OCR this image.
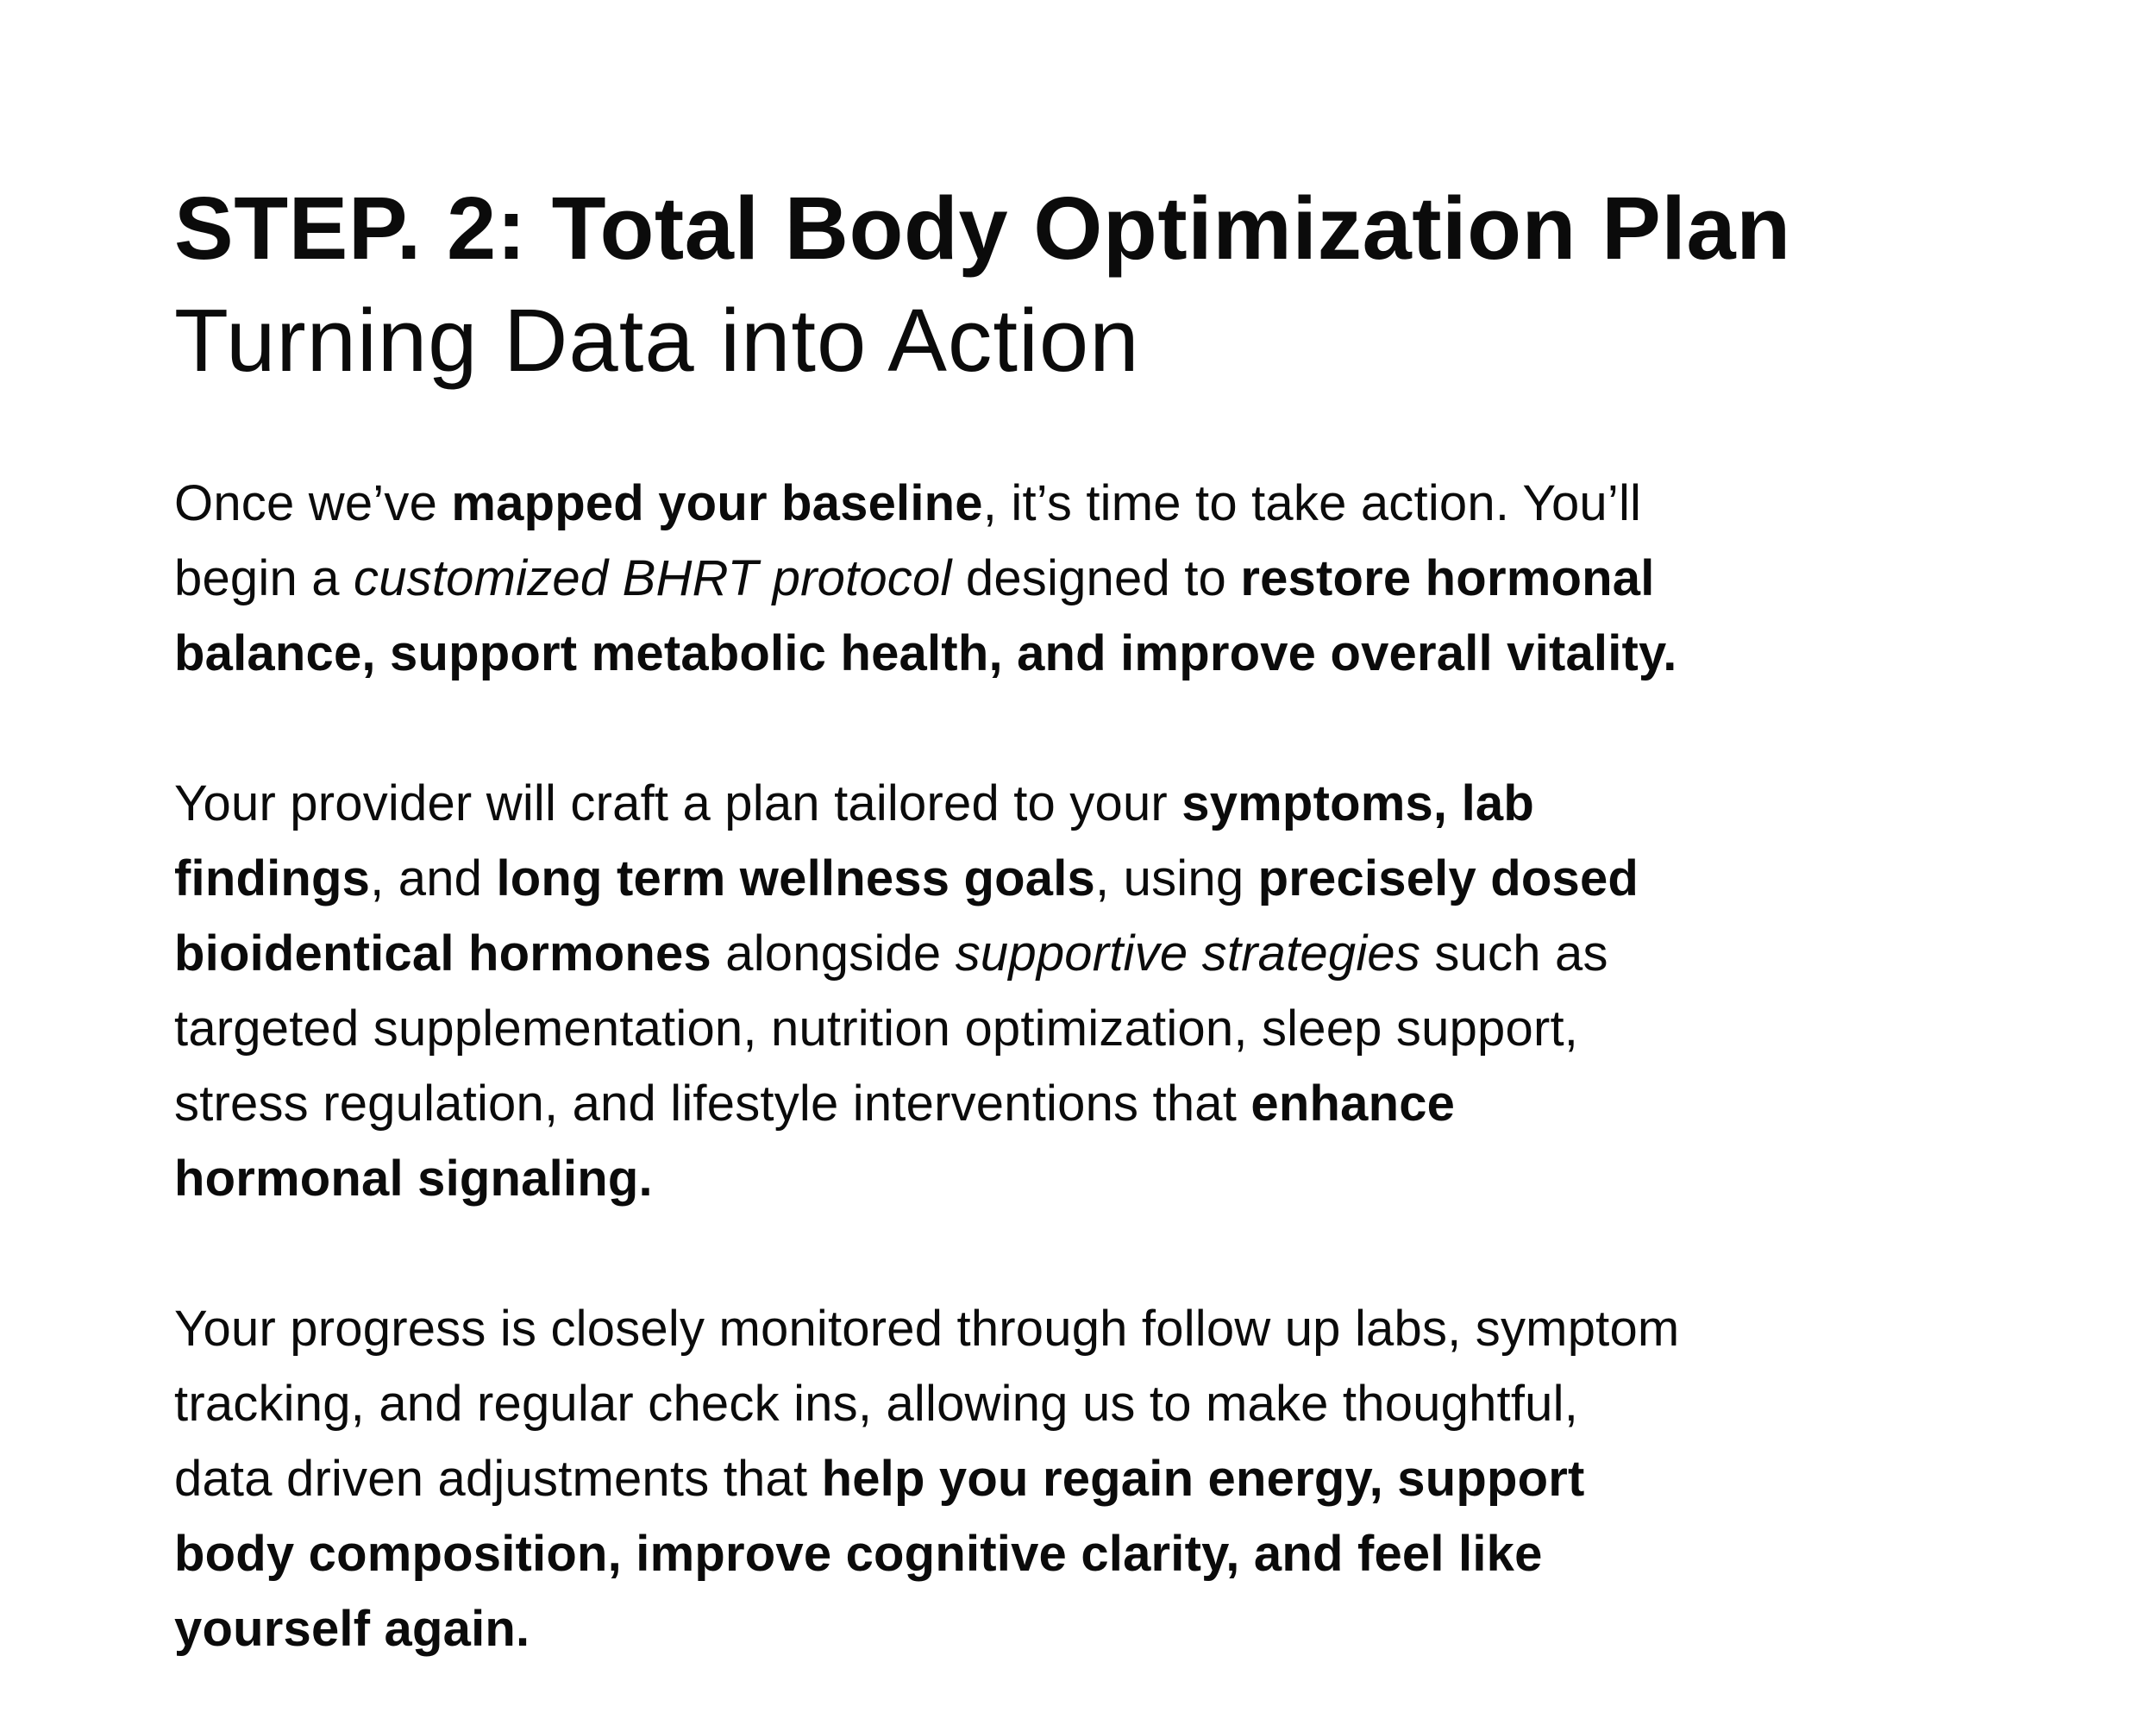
STEP. 2: Total Body Optimization Plan
Turning Data into Action

Once we’ve mapped your baseline, it’s time to take action. You’ll
begin a customized BHRT protocol designed to restore hormonal
balance, support metabolic health, and improve overall vitality.

Your provider will craft a plan tailored to your symptoms, lab
findings, and long term wellness goals, using precisely dosed
bioidentical hormones alongside supportive strategies such as
targeted supplementation, nutrition optimization, sleep support,
stress regulation, and lifestyle interventions that enhance
hormonal signaling.

Your progress is closely monitored through follow up labs, symptom
tracking, and regular check ins, allowing us to make thoughtful,
data driven adjustments that help you regain energy, support
body composition, improve cognitive clarity, and feel like
yourself again.
